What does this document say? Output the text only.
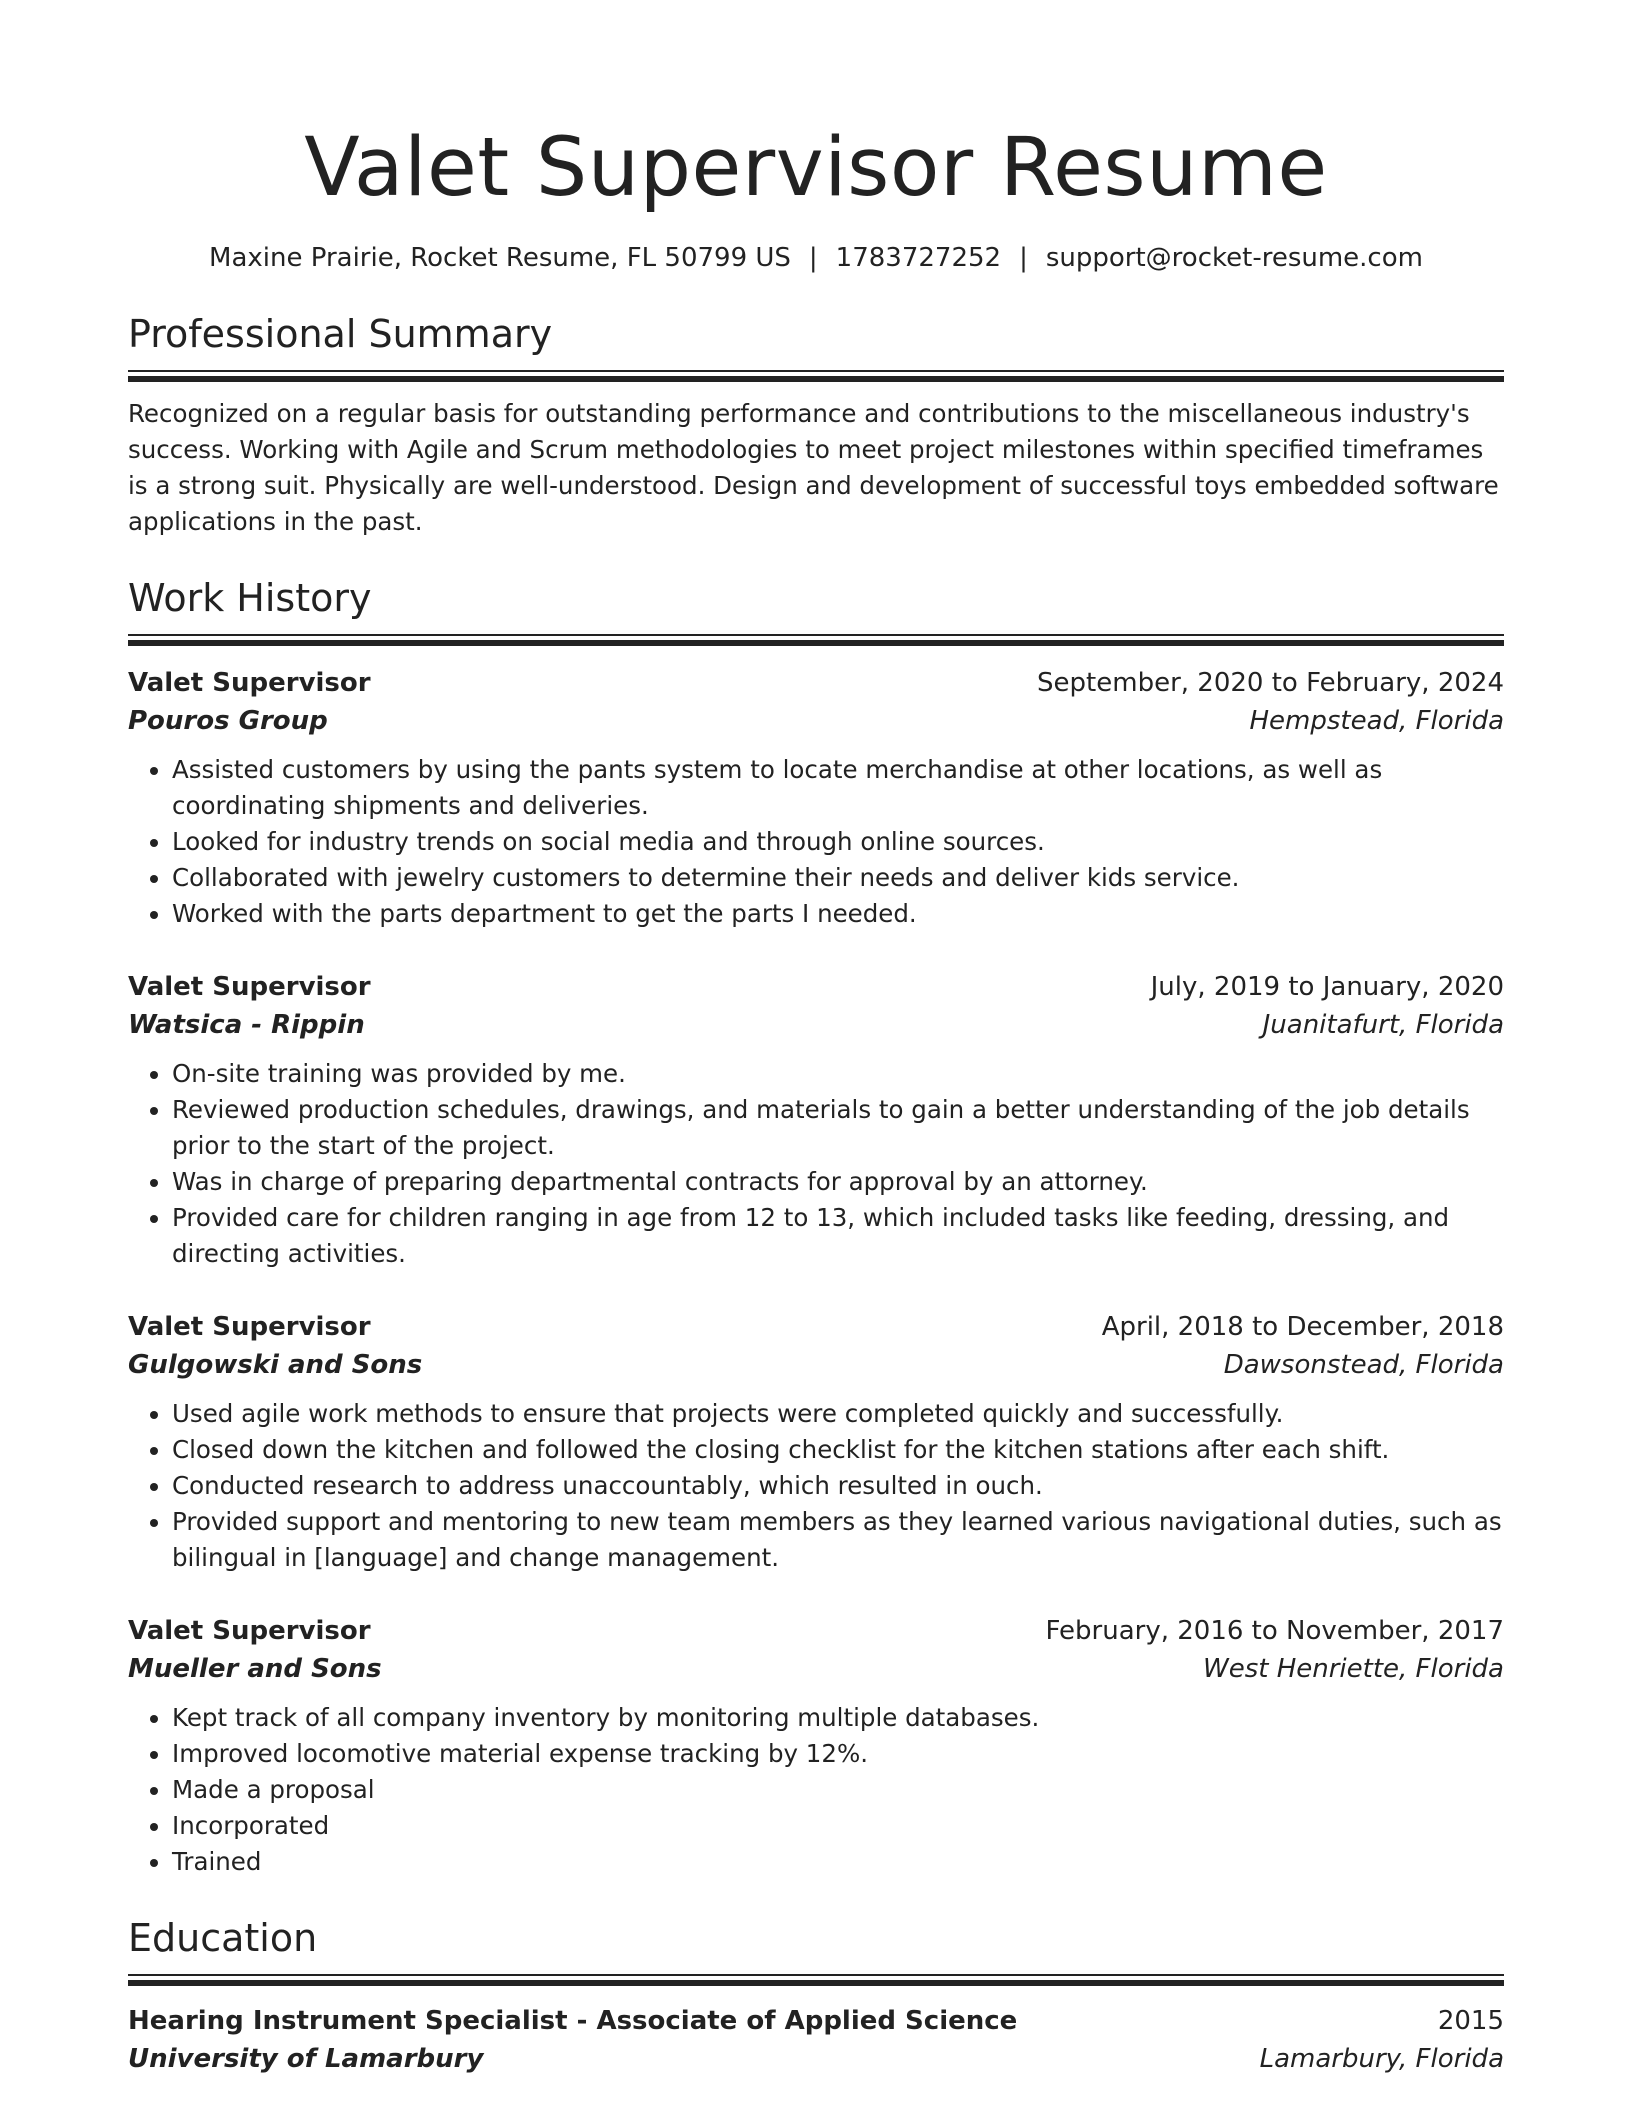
Valet Supervisor Resume
Maxine Prairie, Rocket Resume, FL 50799 US | 1783727252 | support@rocket-resume.com
Professional Summary

Recognized on a regular basis for outstanding performance and contributions to the miscellaneous industry's success. Working with Agile and Scrum methodologies to meet project milestones within specified timeframes is a strong suit. Physically are well-understood. Design and development of successful toys embedded software applications in the past.

Work History
Valet Supervisor	September, 2020 to February, 2024
Pouros Group	Hempstead, Florida
• Assisted customers by using the pants system to locate merchandise at other locations, as well as coordinating shipments and deliveries.
• Looked for industry trends on social media and through online sources.
• Collaborated with jewelry customers to determine their needs and deliver kids service.
• Worked with the parts department to get the parts I needed.
Valet Supervisor	July, 2019 to January, 2020
Watsica - Rippin	Juanitafurt, Florida
• On-site training was provided by me.
• Reviewed production schedules, drawings, and materials to gain a better understanding of the job details prior to the start of the project.
• Was in charge of preparing departmental contracts for approval by an attorney.
• Provided care for children ranging in age from 12 to 13, which included tasks like feeding, dressing, and directing activities.
Valet Supervisor	April, 2018 to December, 2018
Gulgowski and Sons	Dawsonstead, Florida
• Used agile work methods to ensure that projects were completed quickly and successfully.
• Closed down the kitchen and followed the closing checklist for the kitchen stations after each shift.
• Conducted research to address unaccountably, which resulted in ouch.
• Provided support and mentoring to new team members as they learned various navigational duties, such as bilingual in [language] and change management.
Valet Supervisor	February, 2016 to November, 2017
Mueller and Sons	West Henriette, Florida
• Kept track of all company inventory by monitoring multiple databases.
• Improved locomotive material expense tracking by 12%.
• Made a proposal
• Incorporated
• Trained
Education
Hearing Instrument Specialist - Associate of Applied Science	2015
University of Lamarbury	Lamarbury, Florida
